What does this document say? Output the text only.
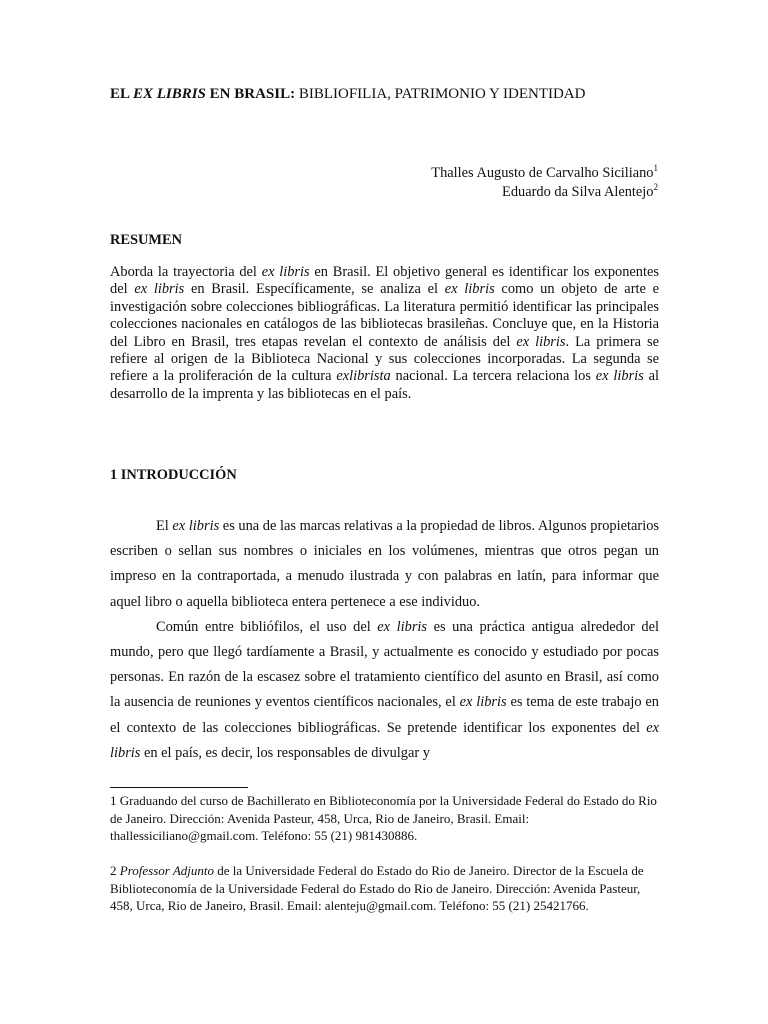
EL EX LIBRIS EN BRASIL: BIBLIOFILIA, PATRIMONIO Y IDENTIDAD
Thalles Augusto de Carvalho Siciliano$^1$
Eduardo da Silva Alentejo$^2$
RESUMEN

Aborda la trayectoria del ex libris en Brasil. El objetivo general es identificar los exponentes del ex libris en Brasil. Específicamente, se analiza el ex libris como un objeto de arte e investigación sobre colecciones bibliográficas. La literatura permitió identificar las principales colecciones nacionales en catálogos de las bibliotecas brasileñas. Concluye que, en la Historia del Libro en Brasil, tres etapas revelan el contexto de análisis del ex libris. La primera se refiere al origen de la Biblioteca Nacional y sus colecciones incorporadas. La segunda se refiere a la proliferación de la cultura exlibrista nacional. La tercera relaciona los ex libris al desarrollo de la imprenta y las bibliotecas en el país.

1 INTRODUCCIÓN

El ex libris es una de las marcas relativas a la propiedad de libros. Algunos propietarios escriben o sellan sus nombres o iniciales en los volúmenes, mientras que otros pegan un impreso en la contraportada, a menudo ilustrada y con palabras en latín, para informar que aquel libro o aquella biblioteca entera pertenece a ese individuo.

Común entre bibliófilos, el uso del ex libris es una práctica antigua alrededor del mundo, pero que llegó tardíamente a Brasil, y actualmente es conocido y estudiado por pocas personas. En razón de la escasez sobre el tratamiento científico del asunto en Brasil, así como la ausencia de reuniones y eventos científicos nacionales, el ex libris es tema de este trabajo en el contexto de las colecciones bibliográficas. Se pretende identificar los exponentes del ex libris en el país, es decir, los responsables de divulgar y

1 Graduando del curso de Bachillerato en Biblioteconomía por la Universidade Federal do Estado do Rio de Janeiro. Dirección: Avenida Pasteur, 458, Urca, Rio de Janeiro, Brasil. Email: thallessiciliano@gmail.com. Teléfono: 55 (21) 981430886.

2 Professor Adjunto de la Universidade Federal do Estado do Rio de Janeiro. Director de la Escuela de Biblioteconomía de la Universidade Federal do Estado do Rio de Janeiro. Dirección: Avenida Pasteur, 458, Urca, Rio de Janeiro, Brasil. Email: alenteju@gmail.com. Teléfono: 55 (21) 25421766.
